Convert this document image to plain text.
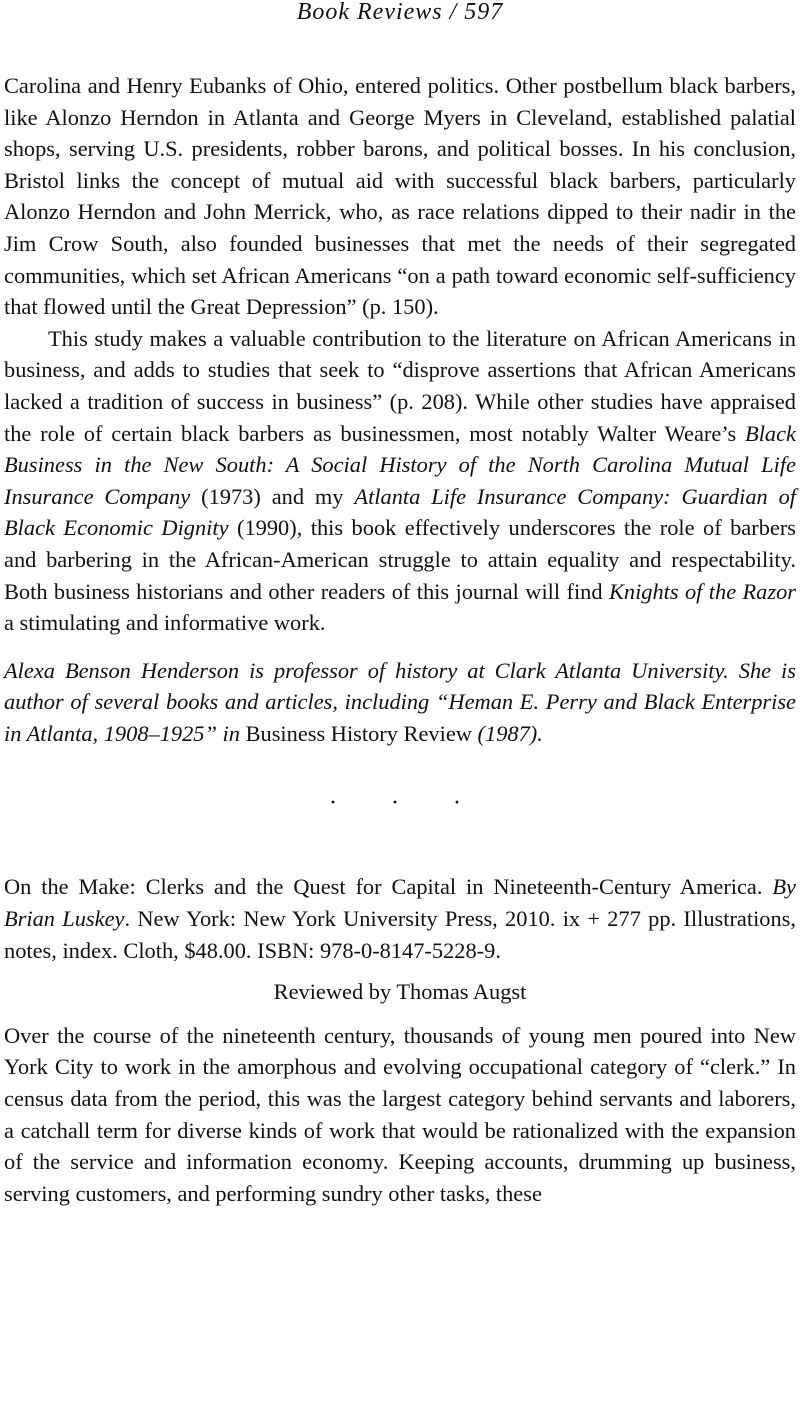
Book Reviews / 597

Carolina and Henry Eubanks of Ohio, entered politics. Other postbellum black barbers, like Alonzo Herndon in Atlanta and George Myers in Cleveland, established palatial shops, serving U.S. presidents, robber barons, and political bosses. In his conclusion, Bristol links the concept of mutual aid with successful black barbers, particularly Alonzo Herndon and John Merrick, who, as race relations dipped to their nadir in the Jim Crow South, also founded businesses that met the needs of their segregated communities, which set African Americans “on a path toward economic self-sufficiency that flowed until the Great Depression” (p. 150).

This study makes a valuable contribution to the literature on African Americans in business, and adds to studies that seek to “disprove assertions that African Americans lacked a tradition of success in business” (p. 208). While other studies have appraised the role of certain black barbers as businessmen, most notably Walter Weare’s Black Business in the New South: A Social History of the North Carolina Mutual Life Insurance Company (1973) and my Atlanta Life Insurance Company: Guardian of Black Economic Dignity (1990), this book effectively underscores the role of barbers and barbering in the African-American struggle to attain equality and respectability. Both business historians and other readers of this journal will find Knights of the Razor a stimulating and informative work.

Alexa Benson Henderson is professor of history at Clark Atlanta University. She is author of several books and articles, including “Heman E. Perry and Black Enterprise in Atlanta, 1908–1925” in Business History Review (1987).

· · ·

On the Make: Clerks and the Quest for Capital in Nineteenth-Century America. By Brian Luskey. New York: New York University Press, 2010. ix + 277 pp. Illustrations, notes, index. Cloth, $48.00. ISBN: 978-0-8147-5228-9.

Reviewed by Thomas Augst

Over the course of the nineteenth century, thousands of young men poured into New York City to work in the amorphous and evolving occupational category of “clerk.” In census data from the period, this was the largest category behind servants and laborers, a catchall term for diverse kinds of work that would be rationalized with the expansion of the service and information economy. Keeping accounts, drumming up business, serving customers, and performing sundry other tasks, these
